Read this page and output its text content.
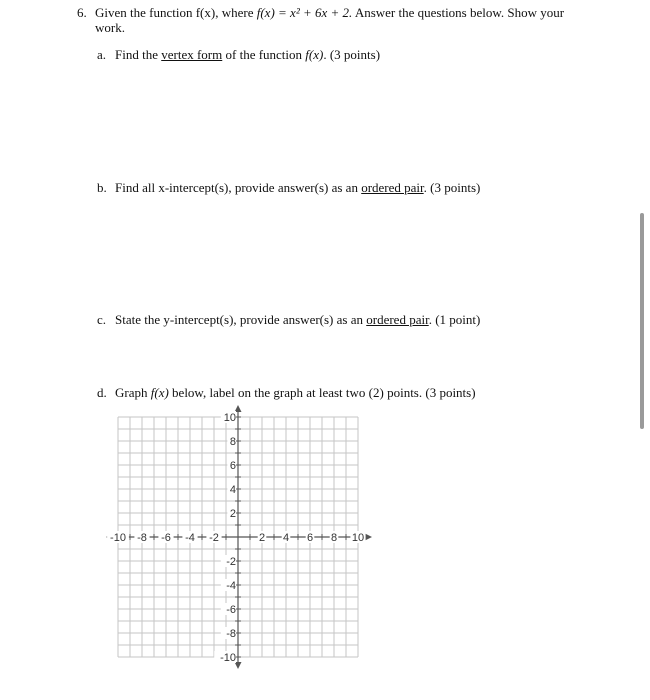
6. Given the function f(x), where f(x) = x² + 6x + 2. Answer the questions below. Show your work.
a. Find the vertex form of the function f(x). (3 points)
b. Find all x-intercept(s), provide answer(s) as an ordered pair. (3 points)
c. State the y-intercept(s), provide answer(s) as an ordered pair. (1 point)
d. Graph f(x) below, label on the graph at least two (2) points. (3 points)
-10 -8 -6 -4 -2	2 4 6 8 10
10
8
6
4
2
-2
-4
-6
-8
-10
